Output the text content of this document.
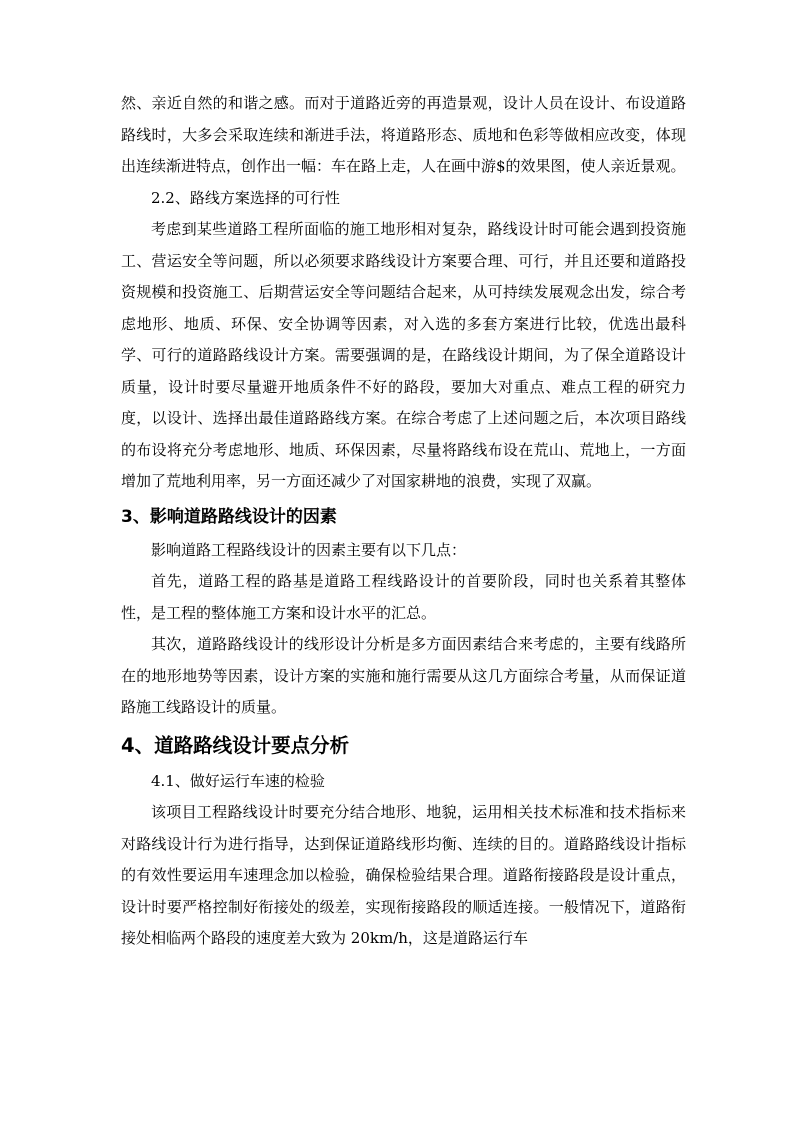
然、亲近自然的和谐之感。而对于道路近旁的再造景观，设计人员在设计、布设道路路线时，大多会采取连续和渐进手法，将道路形态、质地和色彩等做相应改变，体现出连续渐进特点，创作出一幅：车在路上走，人在画中游$的效果图，使人亲近景观。

2.2、路线方案选择的可行性

考虑到某些道路工程所面临的施工地形相对复杂，路线设计时可能会遇到投资施工、营运安全等问题，所以必须要求路线设计方案要合理、可行，并且还要和道路投资规模和投资施工、后期营运安全等问题结合起来，从可持续发展观念出发，综合考虑地形、地质、环保、安全协调等因素，对入选的多套方案进行比较，优选出最科学、可行的道路路线设计方案。需要强调的是，在路线设计期间，为了保全道路设计质量，设计时要尽量避开地质条件不好的路段，要加大对重点、难点工程的研究力度，以设计、选择出最佳道路路线方案。在综合考虑了上述问题之后，本次项目路线的布设将充分考虑地形、地质、环保因素，尽量将路线布设在荒山、荒地上，一方面增加了荒地利用率，另一方面还减少了对国家耕地的浪费，实现了双赢。

3、影响道路路线设计的因素

影响道路工程路线设计的因素主要有以下几点：

首先，道路工程的路基是道路工程线路设计的首要阶段，同时也关系着其整体性，是工程的整体施工方案和设计水平的汇总。

其次，道路路线设计的线形设计分析是多方面因素结合来考虑的，主要有线路所在的地形地势等因素，设计方案的实施和施行需要从这几方面综合考量，从而保证道路施工线路设计的质量。

4、道路路线设计要点分析

4.1、做好运行车速的检验

该项目工程路线设计时要充分结合地形、地貌，运用相关技术标准和技术指标来对路线设计行为进行指导，达到保证道路线形均衡、连续的目的。道路路线设计指标的有效性要运用车速理念加以检验，确保检验结果合理。道路衔接路段是设计重点，设计时要严格控制好衔接处的级差，实现衔接路段的顺适连接。一般情况下，道路衔接处相临两个路段的速度差大致为 20km/h，这是道路运行车
